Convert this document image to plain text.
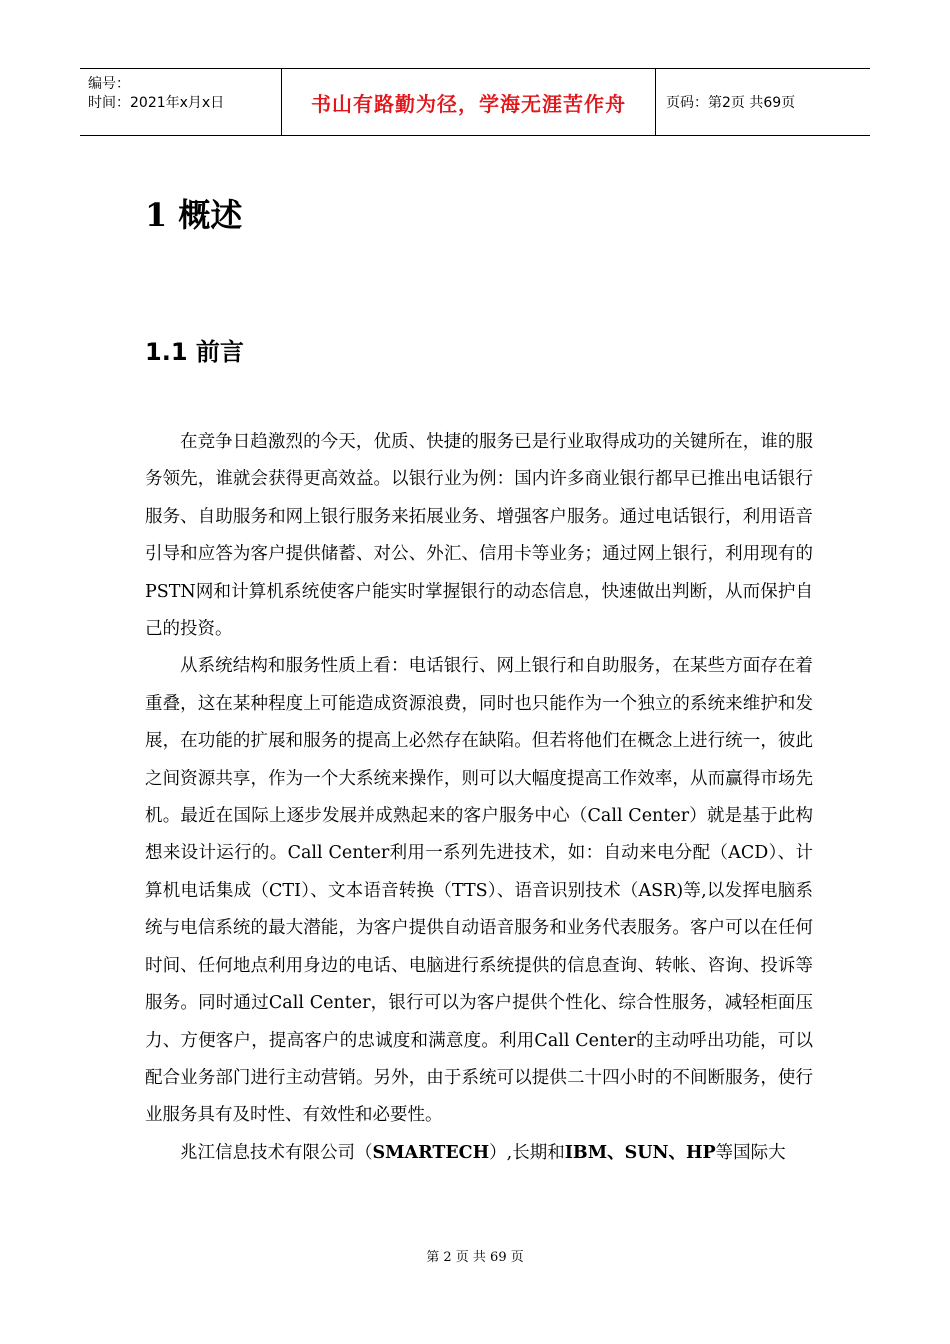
编号：
时间：2021年x月x日	书山有路勤为径，学海无涯苦作舟	页码：第2页 共69页
1 概述
1.1 前言

在竞争日趋激烈的今天，优质、快捷的服务已是行业取得成功的关键所在，谁的服务领先，谁就会获得更高效益。以银行业为例：国内许多商业银行都早已推出电话银行服务、自助服务和网上银行服务来拓展业务、增强客户服务。通过电话银行，利用语音引导和应答为客户提供储蓄、对公、外汇、信用卡等业务；通过网上银行，利用现有的PSTN网和计算机系统使客户能实时掌握银行的动态信息，快速做出判断，从而保护自己的投资。

从系统结构和服务性质上看：电话银行、网上银行和自助服务，在某些方面存在着重叠，这在某种程度上可能造成资源浪费，同时也只能作为一个独立的系统来维护和发展，在功能的扩展和服务的提高上必然存在缺陷。但若将他们在概念上进行统一，彼此之间资源共享，作为一个大系统来操作，则可以大幅度提高工作效率，从而赢得市场先机。最近在国际上逐步发展并成熟起来的客户服务中心（Call Center）就是基于此构想来设计运行的。Call Center利用一系列先进技术，如：自动来电分配（ACD）、计算机电话集成（CTI）、文本语音转换（TTS）、语音识别技术（ASR)等,以发挥电脑系统与电信系统的最大潜能，为客户提供自动语音服务和业务代表服务。客户可以在任何时间、任何地点利用身边的电话、电脑进行系统提供的信息查询、转帐、咨询、投诉等服务。同时通过Call Center，银行可以为客户提供个性化、综合性服务，减轻柜面压力、方便客户，提高客户的忠诚度和满意度。利用Call Center的主动呼出功能，可以配合业务部门进行主动营销。另外，由于系统可以提供二十四小时的不间断服务，使行业服务具有及时性、有效性和必要性。

兆江信息技术有限公司（SMARTECH）,长期和IBM、SUN、HP等国际大

第 2 页 共 69 页
